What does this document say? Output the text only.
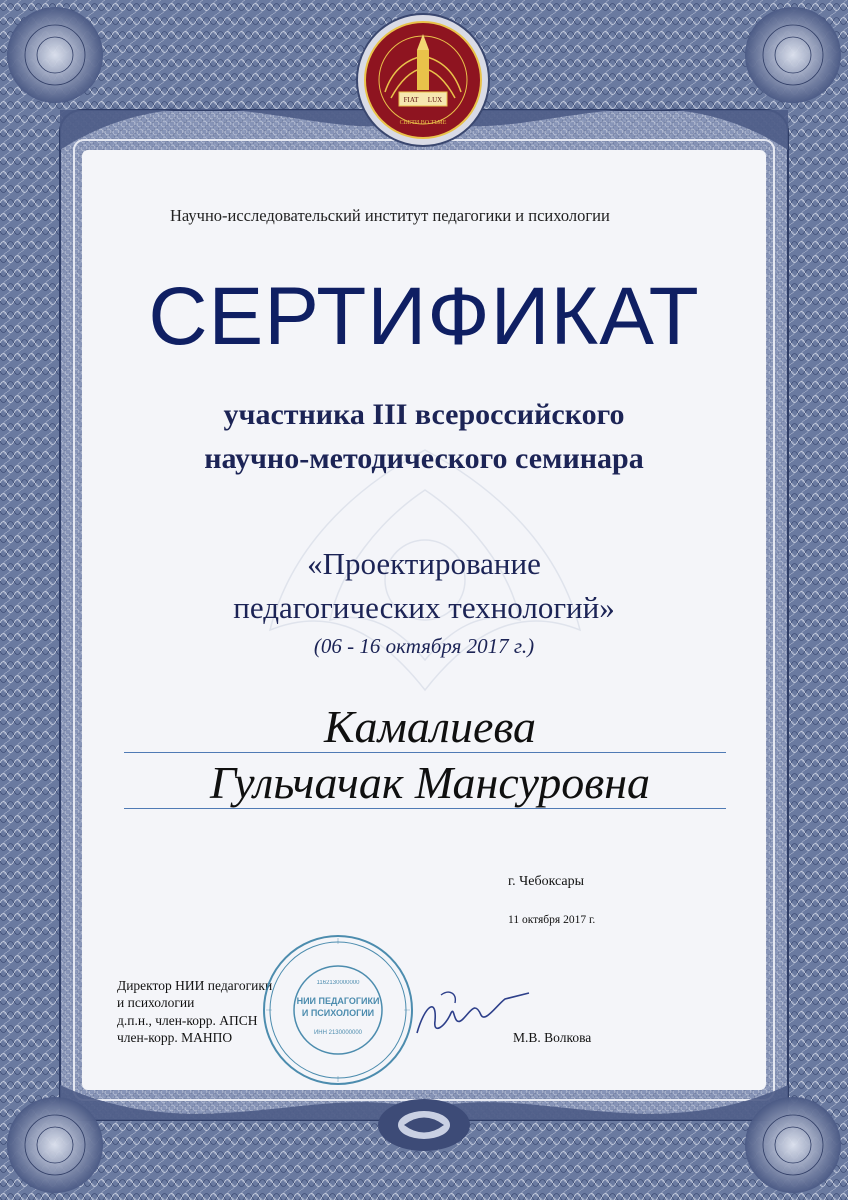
FIAT LUX
СВЕТИ ВО ТЬМЕ
Научно-исследовательский институт педагогики и психологии
СЕРТИФИКАТ
участника III всероссийского
научно-методического семинара
«Проектирование
педагогических технологий»
(06 - 16 октября 2017 г.)
Камалиева
Гульчачак Мансуровна
г. Чебоксары
11 октября 2017 г.
Директор НИИ педагогики
и психологии
д.п.н., член-корр. АПСН
член-корр. МАНПО	М.В. Волкова
НИИ ПЕДАГОГИКИ
И ПСИХОЛОГИИ
1162130000000
ИНН 2130000000
